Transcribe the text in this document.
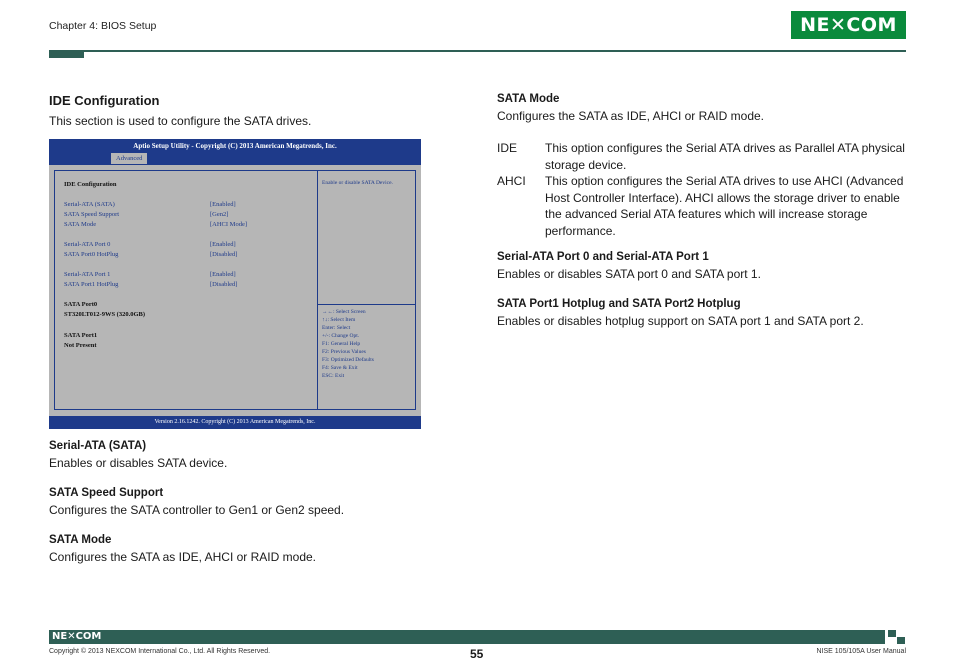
Chapter 4: BIOS Setup	NE✕COM
IDE Configuration
This section is used to configure the SATA drives.
Aptio Setup Utility - Copyright (C) 2013 American Megatrends, Inc.
Advanced
IDE Configuration
Serial-ATA (SATA)	[Enabled]
SATA Speed Support	[Gen2]
SATA Mode	[AHCI Mode]
Serial-ATA Port 0	[Enabled]
SATA Port0 HotPlug	[Disabled]
Serial-ATA Port 1	[Enabled]
SATA Port1 HotPlug	[Disabled]
SATA Port0
ST320LT012-9WS (320.0GB)
SATA Port1
Not Present
Enable or disable SATA Device.
→←: Select Screen
↑↓: Select Item
Enter: Select
+/-: Change Opt.
F1: General Help
F2: Previous Values
F3: Optimized Defaults
F4: Save & Exit
ESC: Exit
Version 2.16.1242. Copyright (C) 2013 American Megatrends, Inc.
Serial-ATA (SATA)
Enables or disables SATA device.
SATA Speed Support
Configures the SATA controller to Gen1 or Gen2 speed.
SATA Mode
Configures the SATA as IDE, AHCI or RAID mode.
SATA Mode
Configures the SATA as IDE, AHCI or RAID mode.
IDE This option configures the Serial ATA drives as Parallel ATA physical storage device.
AHCI This option configures the Serial ATA drives to use AHCI (Advanced Host Controller Interface). AHCI allows the storage driver to enable the advanced Serial ATA features which will increase storage performance.
Serial-ATA Port 0 and Serial-ATA Port 1
Enables or disables SATA port 0 and SATA port 1.
SATA Port1 Hotplug and SATA Port2 Hotplug
Enables or disables hotplug support on SATA port 1 and SATA port 2.
NE✕COM
Copyright © 2013 NEXCOM International Co., Ltd. All Rights Reserved.	55	NISE 105/105A User Manual
